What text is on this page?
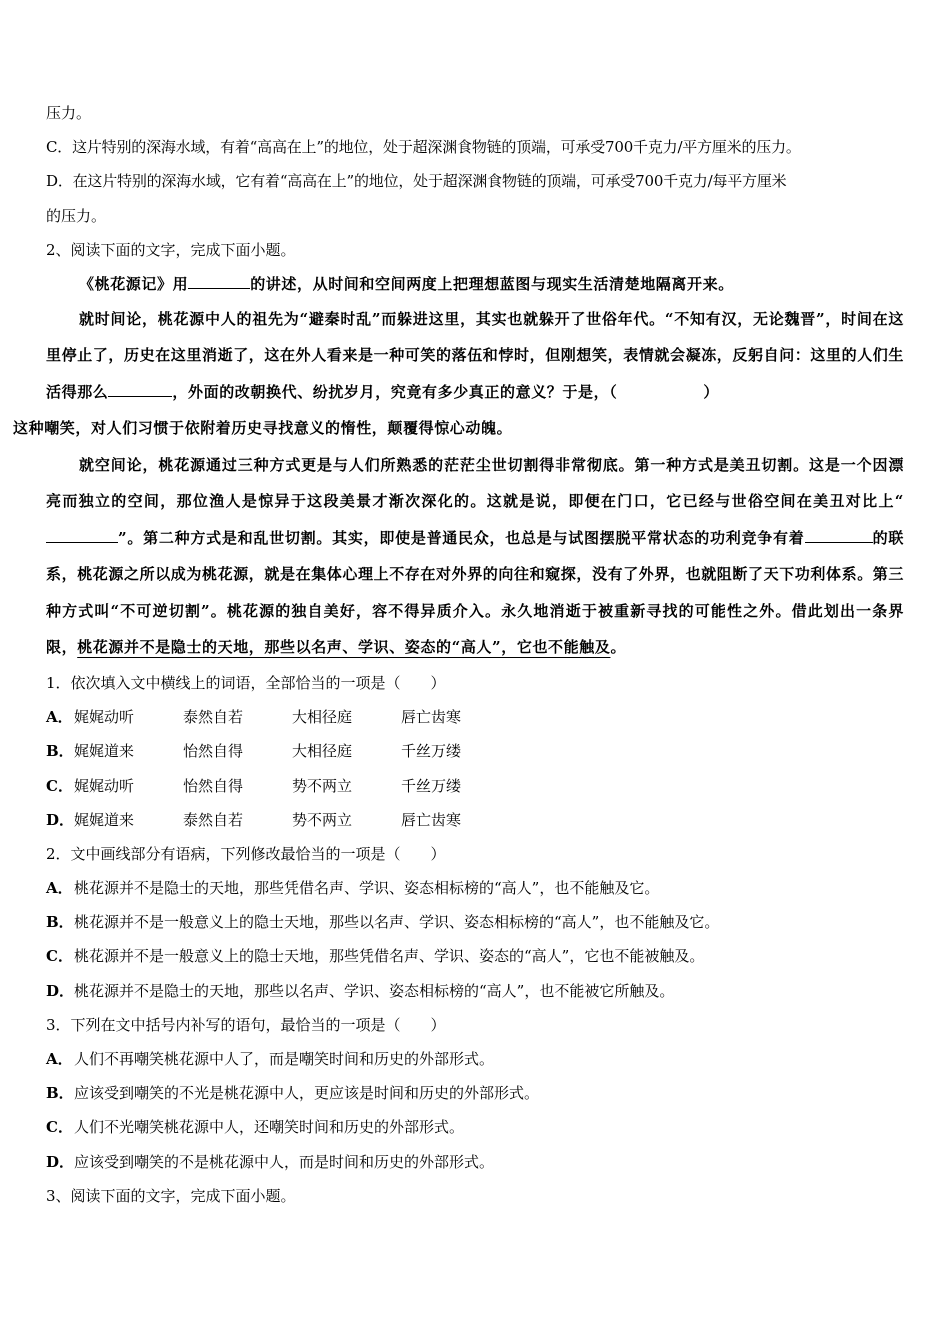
压力。
C．这片特别的深海水域，有着“高高在上”的地位，处于超深渊食物链的顶端，可承受700千克力/平方厘米的压力。
D．在这片特别的深海水域，它有着“高高在上”的地位，处于超深渊食物链的顶端，可承受700千克力/每平方厘米
的压力。
2、阅读下面的文字，完成下面小题。
《桃花源记》用	的讲述，从时间和空间两度上把理想蓝图与现实生活清楚地隔离开来。
就时间论，桃花源中人的祖先为“避秦时乱”而躲进这里，其实也就躲开了世俗年代。“不知有汉，无论魏晋”，时间在这里停止了，历史在这里消逝了，这在外人看来是一种可笑的落伍和悖时，但刚想笑，表情就会凝冻，反躬自问：这里的人们生活得那么	，外面的改朝换代、纷扰岁月，究竟有多少真正的意义？于是，（	）
这种嘲笑，对人们习惯于依附着历史寻找意义的惰性，颠覆得惊心动魄。
就空间论，桃花源通过三种方式更是与人们所熟悉的茫茫尘世切割得非常彻底。第一种方式是美丑切割。这是一个因漂亮而独立的空间，那位渔人是惊异于这段美景才渐次深化的。这就是说，即便在门口，它已经与世俗空间在美丑对比上“”。第二种方式是和乱世切割。其实，即使是普通民众，也总是与试图摆脱平常状态的功利竞争有着	的联系，桃花源之所以成为桃花源，就是在集体心理上不存在对外界的向往和窥探，没有了外界，也就阻断了天下功利体系。第三种方式叫“不可逆切割”。桃花源的独自美好，容不得异质介入。永久地消逝于被重新寻找的可能性之外。借此划出一条界限，桃花源并不是隐士的天地，那些以名声、学识、姿态的“高人”，它也不能触及。
1．依次填入文中横线上的词语，全部恰当的一项是（　　）
A． 娓娓动听	泰然自若	大相径庭	唇亡齿寒
B． 娓娓道来	怡然自得	大相径庭	千丝万缕
C． 娓娓动听	怡然自得	势不两立	千丝万缕
D． 娓娓道来	泰然自若	势不两立	唇亡齿寒
2．文中画线部分有语病，下列修改最恰当的一项是（　　）
A． 桃花源并不是隐士的天地，那些凭借名声、学识、姿态相标榜的“高人”，也不能触及它。
B． 桃花源并不是一般意义上的隐士天地，那些以名声、学识、姿态相标榜的“高人”，也不能触及它。
C． 桃花源并不是一般意义上的隐士天地，那些凭借名声、学识、姿态的“高人”，它也不能被触及。
D． 桃花源并不是隐士的天地，那些以名声、学识、姿态相标榜的“高人”，也不能被它所触及。
3．下列在文中括号内补写的语句，最恰当的一项是（　　）
A． 人们不再嘲笑桃花源中人了，而是嘲笑时间和历史的外部形式。
B． 应该受到嘲笑的不光是桃花源中人，更应该是时间和历史的外部形式。
C． 人们不光嘲笑桃花源中人，还嘲笑时间和历史的外部形式。
D． 应该受到嘲笑的不是桃花源中人，而是时间和历史的外部形式。
3、阅读下面的文字，完成下面小题。
